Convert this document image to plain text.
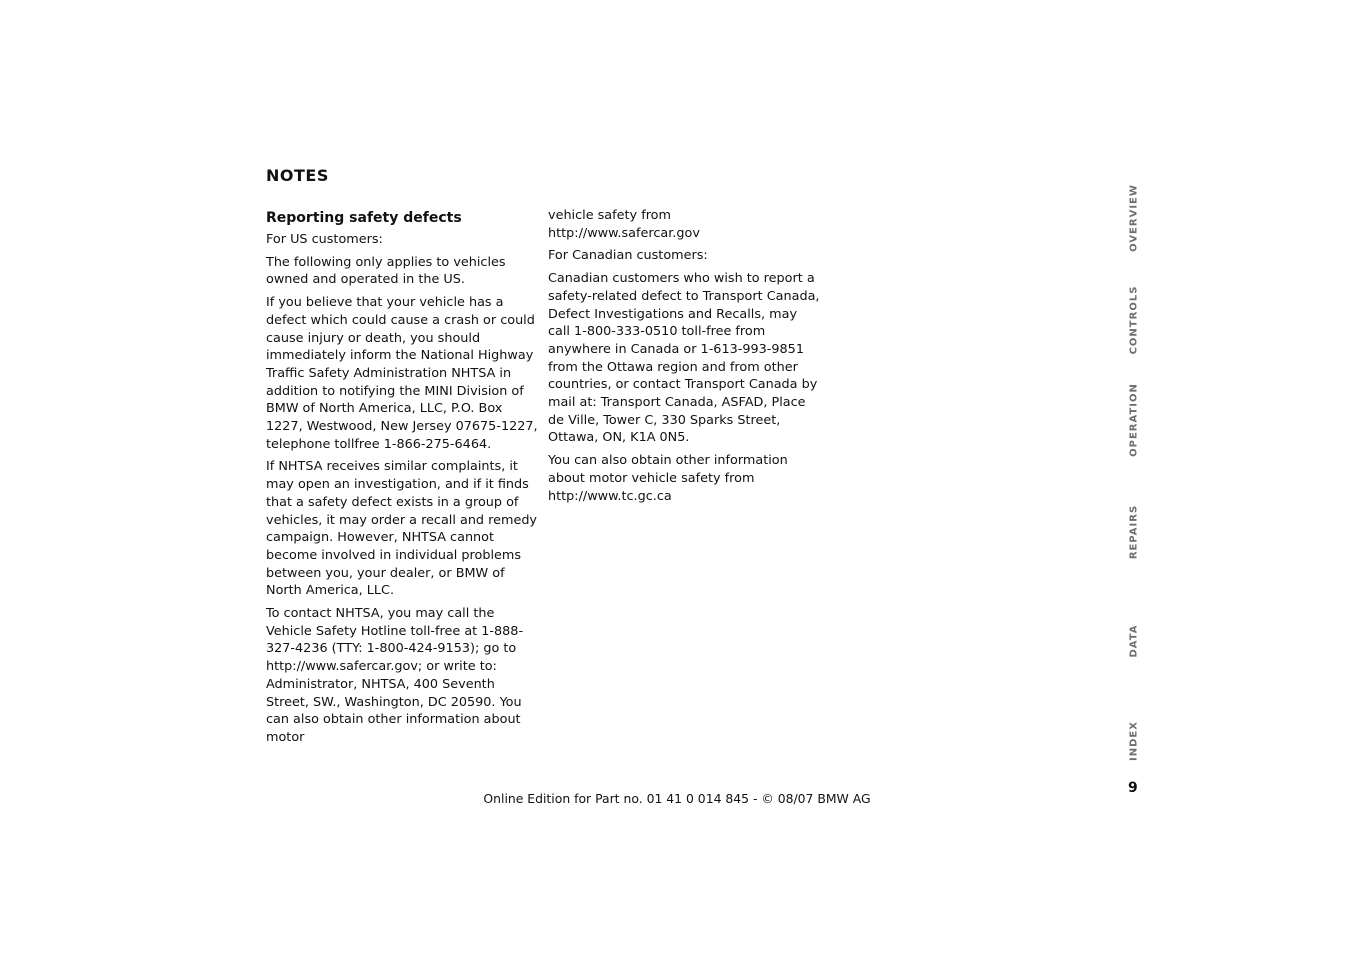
NOTES
Reporting safety defects

For US customers:

The following only applies to vehicles owned and operated in the US.

If you believe that your vehicle has a defect which could cause a crash or could cause injury or death, you should immediately inform the National Highway Traffic Safety Administration NHTSA in addition to notifying the MINI Division of BMW of North America, LLC, P.O. Box 1227, Westwood, New Jersey 07675-1227, telephone tollfree 1-866-275-6464.

If NHTSA receives similar complaints, it may open an investigation, and if it finds that a safety defect exists in a group of vehicles, it may order a recall and remedy campaign. However, NHTSA cannot become involved in individual problems between you, your dealer, or BMW of North America, LLC.

To contact NHTSA, you may call the Vehicle Safety Hotline toll-free at 1-888-327-4236 (TTY: 1-800-424-9153); go to http://www.safercar.gov; or write to: Administrator, NHTSA, 400 Seventh Street, SW., Washington, DC 20590. You can also obtain other information about motor

vehicle safety from http://www.safercar.gov

For Canadian customers:

Canadian customers who wish to report a safety-related defect to Transport Canada, Defect Investigations and Recalls, may call 1-800-333-0510 toll-free from anywhere in Canada or 1-613-993-9851 from the Ottawa region and from other countries, or contact Transport Canada by mail at: Transport Canada, ASFAD, Place de Ville, Tower C, 330 Sparks Street, Ottawa, ON, K1A 0N5.

You can also obtain other information about motor vehicle safety from http://www.tc.gc.ca

OVERVIEW
CONTROLS
OPERATION
REPAIRS
DATA
INDEX
9
Online Edition for Part no. 01 41 0 014 845 - © 08/07 BMW AG
